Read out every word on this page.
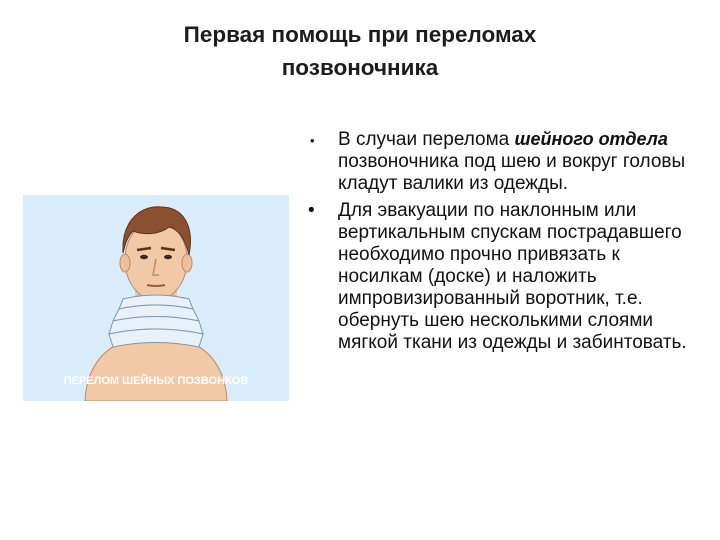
Первая помощь при переломах
позвоночника
ПЕРЕЛОМ ШЕЙНЫХ ПОЗВОНКОВ
• В случаи перелома шейного отдела позвоночника под шею и вокруг головы кладут валики из одежды.
• Для эвакуации по наклонным или вертикальным спускам пострадавшего необходимо прочно привязать к носилкам (доске) и наложить импровизированный воротник, т.е. обернуть шею несколькими слоями мягкой ткани из одежды и забинтовать.
